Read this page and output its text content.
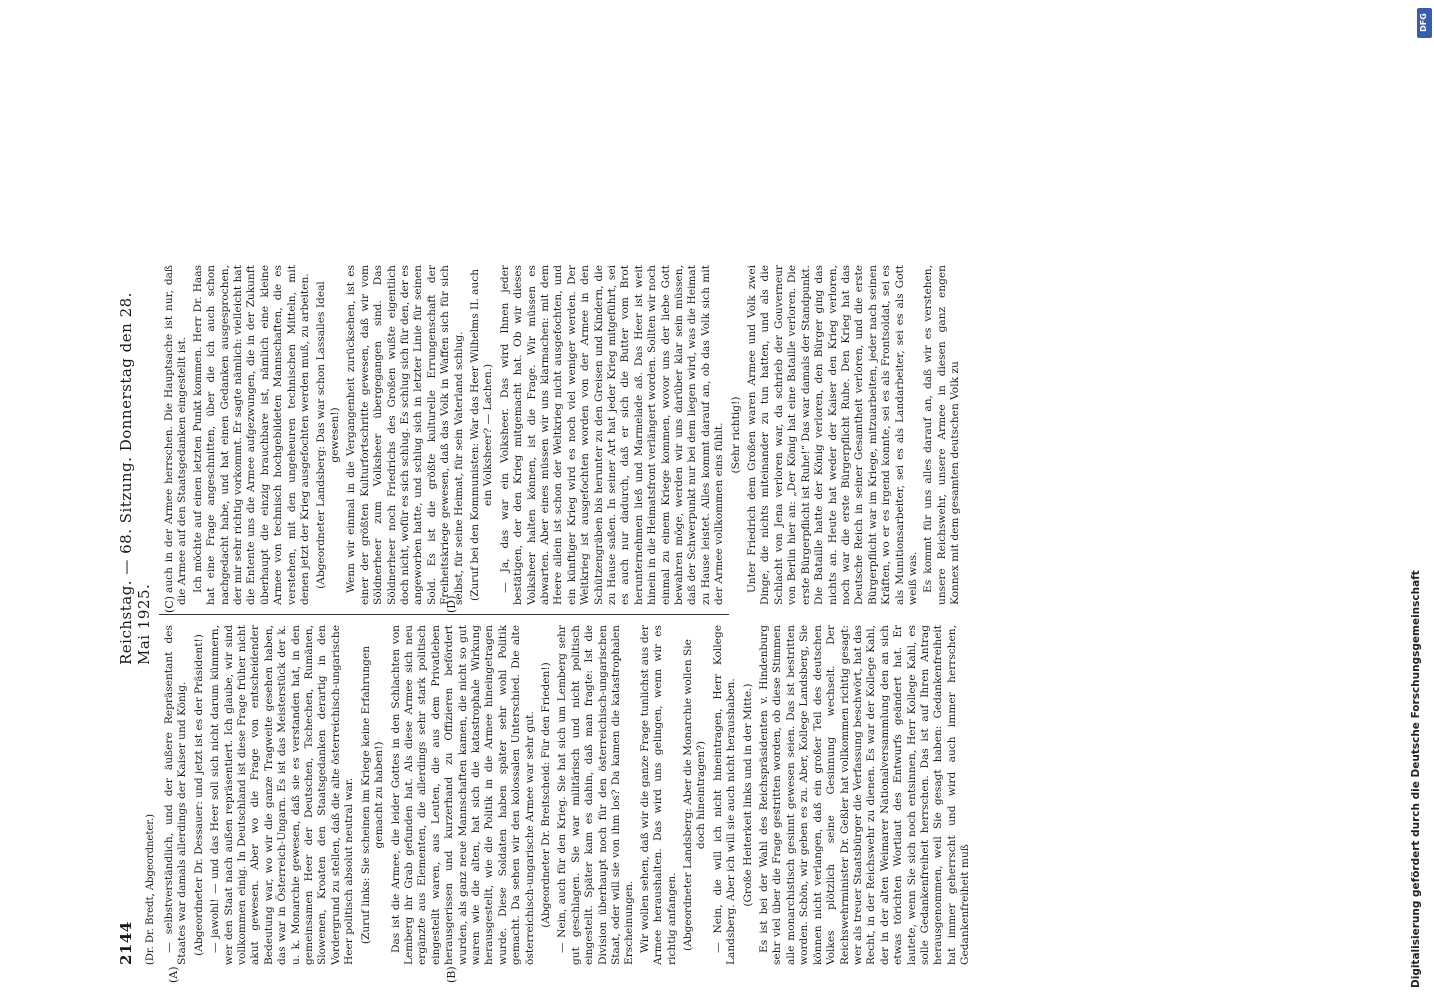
2144
Reichstag. — 68. Sitzung. Donnerstag den 28. Mai 1925.
(Dr. Dr. Bredt, Abgeordneter.)
(A)	(B)
(C)	(D)

— selbstverständlich, und der äußere Repräsentant des Staates war damals allerdings der Kaiser und König. (Abgeordneter Dr. Dessauer: und jetzt ist es der Präsident!) — jawohl! — und das Heer soll sich nicht darum kümmern, wer den Staat nach außen repräsentiert. Ich glaube, wir sind vollkommen einig. In Deutschland ist diese Frage früher nicht akut gewesen. Aber wo die Frage von entscheidender Bedeutung war, wo wir die ganze Tragweite gesehen haben, das war in Österreich-Ungarn. Es ist das Meisterstück der k. u. k. Monarchie gewesen, daß sie es verstanden hat, in den gemeinsamen Heer der Deutschen, Tschechen, Rumänen, Slowenen, Kroaten den Staatsgedanken derartig in den Vordergrund zu stellen, daß die alte österreichisch-ungarische Heer politisch absolut neutral war. (Zuruf links: Sie scheinen im Kriege keine Erfahrungen gemacht zu haben!) Das ist die Armee, die leider Gottes in den Schlachten von Lemberg ihr Grab gefunden hat. Als diese Armee sich neu ergänzte aus Elementen, die allerdings sehr stark politisch eingestellt waren, aus Leuten, die aus dem Privatleben herausgerissen und kurzerhand zu Offizieren befördert wurden, als ganz neue Mannschaften kamen, die nicht so gut waren wie die alten, hat sich die katastrophale Wirkung herausgestellt, wie die Politik in die Armee hineingetragen wurde. Diese Soldaten haben später sehr wohl Politik gemacht. Da sehen wir den kolossalen Unterschied. Die alte österreichisch-ungarische Armee war sehr gut. (Abgeordneter Dr. Breitscheid: Für den Frieden!) — Nein, auch für den Krieg. Sie hat sich um Lemberg sehr gut geschlagen. Sie war militärisch und nicht politisch eingestellt. Später kam es dahin, daß man fragte: Ist die Division überhaupt noch für den österreichisch-ungarischen Staat, oder will sie von ihm los? Da kamen die katastrophalen Erscheinungen. Wir wollen sehen, daß wir die ganze Frage tunlichst aus der Armee heraushalten. Das wird uns gelingen, wenn wir es richtig anfangen. (Abgeordneter Landsberg: Aber die Monarchie wollen Sie doch hineintragen?) — Nein, die will ich nicht hineintragen, Herr Kollege Landsberg. Aber ich will sie auch nicht heraushaben. (Große Heiterkeit links und in der Mitte.) Es ist bei der Wahl des Reichspräsidenten v. Hindenburg sehr viel über die Frage gestritten worden, ob diese Stimmen alle monarchistisch gesinnt gewesen seien. Das ist bestritten worden. Schön, wir geben es zu. Aber, Kollege Landsberg, Sie können nicht verlangen, daß ein großer Teil des deutschen Volkes plötzlich seine Gesinnung wechselt. Der Reichswehrminister Dr. Geßler hat vollkommen richtig gesagt: wer als treuer Staatsbürger die Verfassung beschwört, hat das Recht, in der Reichswehr zu dienen. Es war der Kollege Kahl, der in der alten Weimarer Nationalversammlung den an sich etwas törichten Wortlaut des Entwurfs geändert hat. Er lautete, wenn Sie sich noch entsinnen, Herr Kollege Kahl, es solle Gedankenfreiheit herrschen. Das ist auf Ihren Antrag herausgenommen, weil Sie gesagt haben: Gedankenfreiheit hat immer geherrscht und wird auch immer herrschen, Gedankenfreiheit muß

auch in der Armee herrschen. Die Hauptsache ist nur, daß die Armee auf den Staatsgedanken eingestellt ist. Ich möchte auf einen letzten Punkt kommen. Herr Dr. Haas hat eine Frage angeschnitten, über die ich auch schon nachgedacht habe, und hat einen Gedanken ausgesprochen, der mir sehr richtig vorkommt. Er sagte nämlich: vielleicht hat die Entente uns die Armee aufgezwungen, die in der Zukunft überhaupt die einzig brauchbare ist, nämlich eine kleine Armee von technisch hochgebildeten Mannschaften, die es verstehen, mit den ungeheuren technischen Mitteln, mit denen jetzt der Krieg ausgefochten werden muß, zu arbeiten. (Abgeordneter Landsberg: Das war schon Lassalles Ideal gewesen!) Wenn wir einmal in die Vergangenheit zurücksehen, ist es einer der größten Kulturfortschritte gewesen, daß wir vom Söldnerheer zum Volksheer übergegangen sind. Das Söldnerheer noch Friedrichs des Großen wußte eigentlich doch nicht, wofür es sich schlug. Es schlug sich für den, der es angeworben hatte, und schlug sich in letzter Linie für seinen Sold. Es ist die größte kulturelle Errungenschaft der Freiheitskriege gewesen, daß das Volk in Waffen sich für sich selbst, für seine Heimat, für sein Vaterland schlug. (Zuruf bei den Kommunisten: War das Heer Wilhelms II. auch ein Volksheer? — Lachen.) — Ja, das war ein Volksheer. Das wird Ihnen jeder bestätigen, der den Krieg mitgemacht hat. Ob wir dieses Volksheer halten können, ist die Frage. Wir müssen es abwarten. Aber eines müssen wir uns klarmachen: mit dem Heere allein ist schon der Weltkrieg nicht ausgefochten, und ein künftiger Krieg wird es noch viel weniger werden. Der Weltkrieg ist ausgefochten worden von der Armee in den Schützengräben bis herunter zu den Greisen und Kindern, die zu Hause saßen. In seiner Art hat jeder Krieg mitgeführt, sei es auch nur dadurch, daß er sich die Butter vom Brot herunternehmen ließ und Marmelade aß. Das Heer ist weit hinein in die Heimatsfront verlängert worden. Sollten wir noch einmal zu einem Kriege kommen, wovor uns der liebe Gott bewahren möge, werden wir uns darüber klar sein müssen, daß der Schwerpunkt nur bei dem liegen wird, was die Heimat zu Hause leistet. Alles kommt darauf an, ob das Volk sich mit der Armee vollkommen eins fühlt. (Sehr richtig!) Unter Friedrich dem Großen waren Armee und Volk zwei Dinge, die nichts miteinander zu tun hatten, und als die Schlacht von Jena verloren war, da schrieb der Gouverneur von Berlin hier an: „Der König hat eine Bataille verloren. Die erste Bürgerpflicht ist Ruhe!“ Das war damals der Standpunkt. Die Bataille hatte der König verloren, den Bürger ging das nichts an. Heute hat weder der Kaiser den Krieg verloren, noch war die erste Bürgerpflicht Ruhe. Den Krieg hat das Deutsche Reich in seiner Gesamtheit verloren, und die erste Bürgerpflicht war im Kriege, mitzuarbeiten, jeder nach seinen Kräften, wo er es irgend konnte, sei es als Frontsoldat, sei es als Munitionsarbeiter, sei es als Landarbeiter, sei es als Gott weiß was. Es kommt für uns alles darauf an, daß wir es verstehen, unsere Reichswehr, unsere Armee in diesen ganz engen Konnex mit dem gesamten deutschen Volk zu

Digitalisierung gefördert durch die Deutsche Forschungsgemeinschaft
DFG
